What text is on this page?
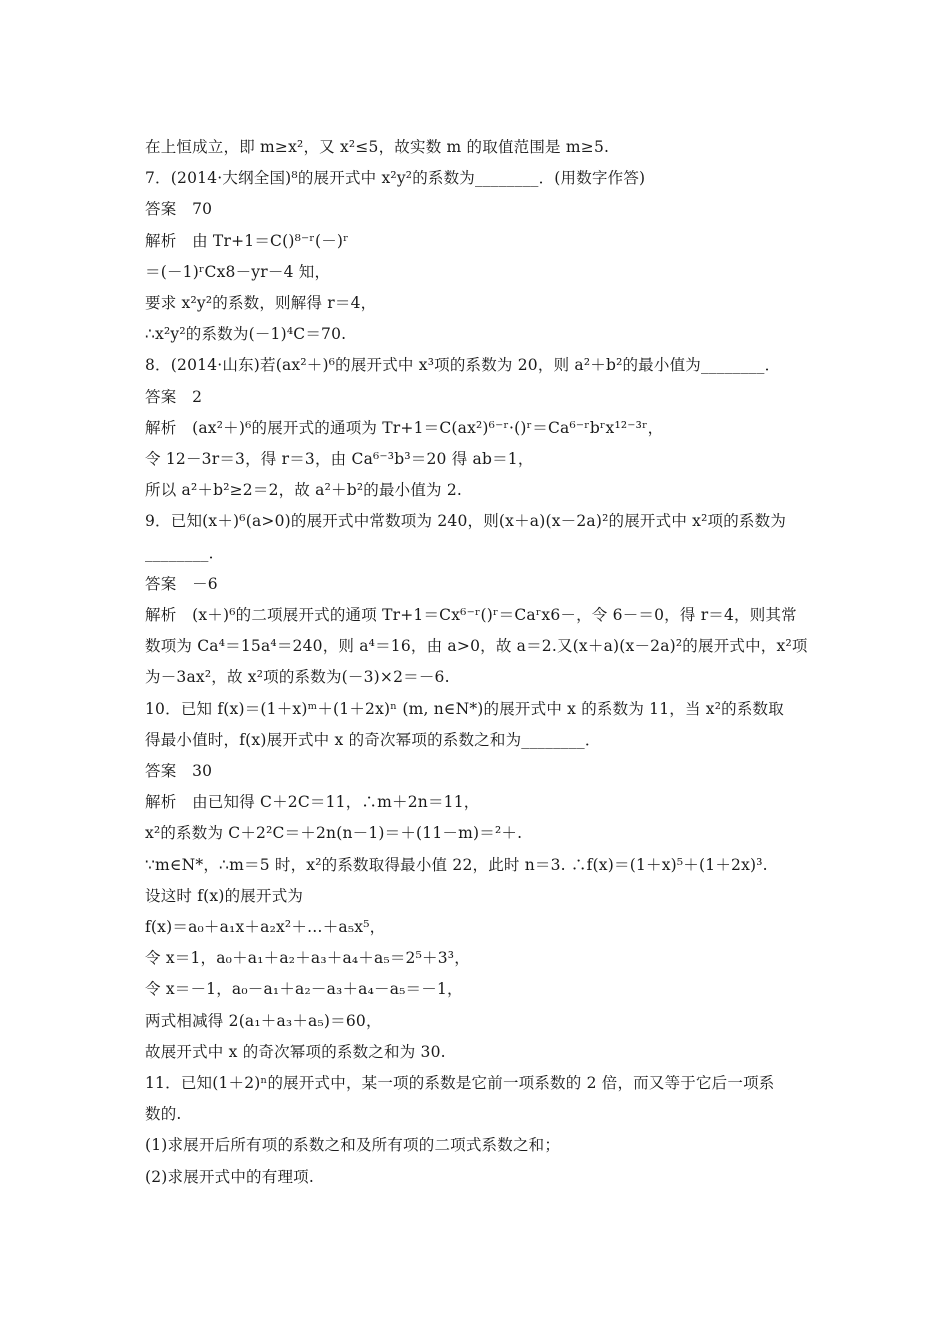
在上恒成立，即 m≥x²，又 x²≤5，故实数 m 的取值范围是 m≥5.
7．(2014·大纲全国)⁸的展开式中 x²y²的系数为________．(用数字作答)
答案　70
解析　由 Tr+1＝C()⁸⁻ʳ(－)ʳ
＝(－1)ʳCx8－yr－4 知，
要求 x²y²的系数，则解得 r＝4，
∴x²y²的系数为(－1)⁴C＝70.
8．(2014·山东)若(ax²＋)⁶的展开式中 x³项的系数为 20，则 a²＋b²的最小值为________．
答案　2
解析　(ax²＋)⁶的展开式的通项为 Tr+1＝C(ax²)⁶⁻ʳ·()ʳ＝Ca⁶⁻ʳbʳx¹²⁻³ʳ，
令 12－3r＝3，得 r＝3，由 Ca⁶⁻³b³＝20 得 ab＝1，
所以 a²＋b²≥2＝2，故 a²＋b²的最小值为 2.
9．已知(x＋)⁶(a>0)的展开式中常数项为 240，则(x＋a)(x－2a)²的展开式中 x²项的系数为
________．
答案　－6
解析　(x＋)⁶的二项展开式的通项 Tr+1＝Cx⁶⁻ʳ()ʳ＝Caʳx6－，令 6－＝0，得 r＝4，则其常
数项为 Ca⁴＝15a⁴＝240，则 a⁴＝16，由 a>0，故 a＝2.又(x＋a)(x－2a)²的展开式中，x²项
为－3ax²，故 x²项的系数为(－3)×2＝－6.
10．已知 f(x)＝(1＋x)ᵐ＋(1＋2x)ⁿ (m, n∈N*)的展开式中 x 的系数为 11，当 x²的系数取
得最小值时，f(x)展开式中 x 的奇次幂项的系数之和为________．
答案　30
解析　由已知得 C＋2C＝11，∴m＋2n＝11，
x²的系数为 C＋2²C＝＋2n(n－1)＝＋(11－m)＝²＋.
∵m∈N*，∴m＝5 时，x²的系数取得最小值 22，此时 n＝3. ∴f(x)＝(1＋x)⁵＋(1＋2x)³.
设这时 f(x)的展开式为
f(x)＝a₀＋a₁x＋a₂x²＋…＋a₅x⁵，
令 x＝1，a₀＋a₁＋a₂＋a₃＋a₄＋a₅＝2⁵＋3³，
令 x＝－1，a₀－a₁＋a₂－a₃＋a₄－a₅＝－1，
两式相减得 2(a₁＋a₃＋a₅)＝60，
故展开式中 x 的奇次幂项的系数之和为 30.
11．已知(1＋2)ⁿ的展开式中，某一项的系数是它前一项系数的 2 倍，而又等于它后一项系
数的.
(1)求展开后所有项的系数之和及所有项的二项式系数之和；
(2)求展开式中的有理项.
